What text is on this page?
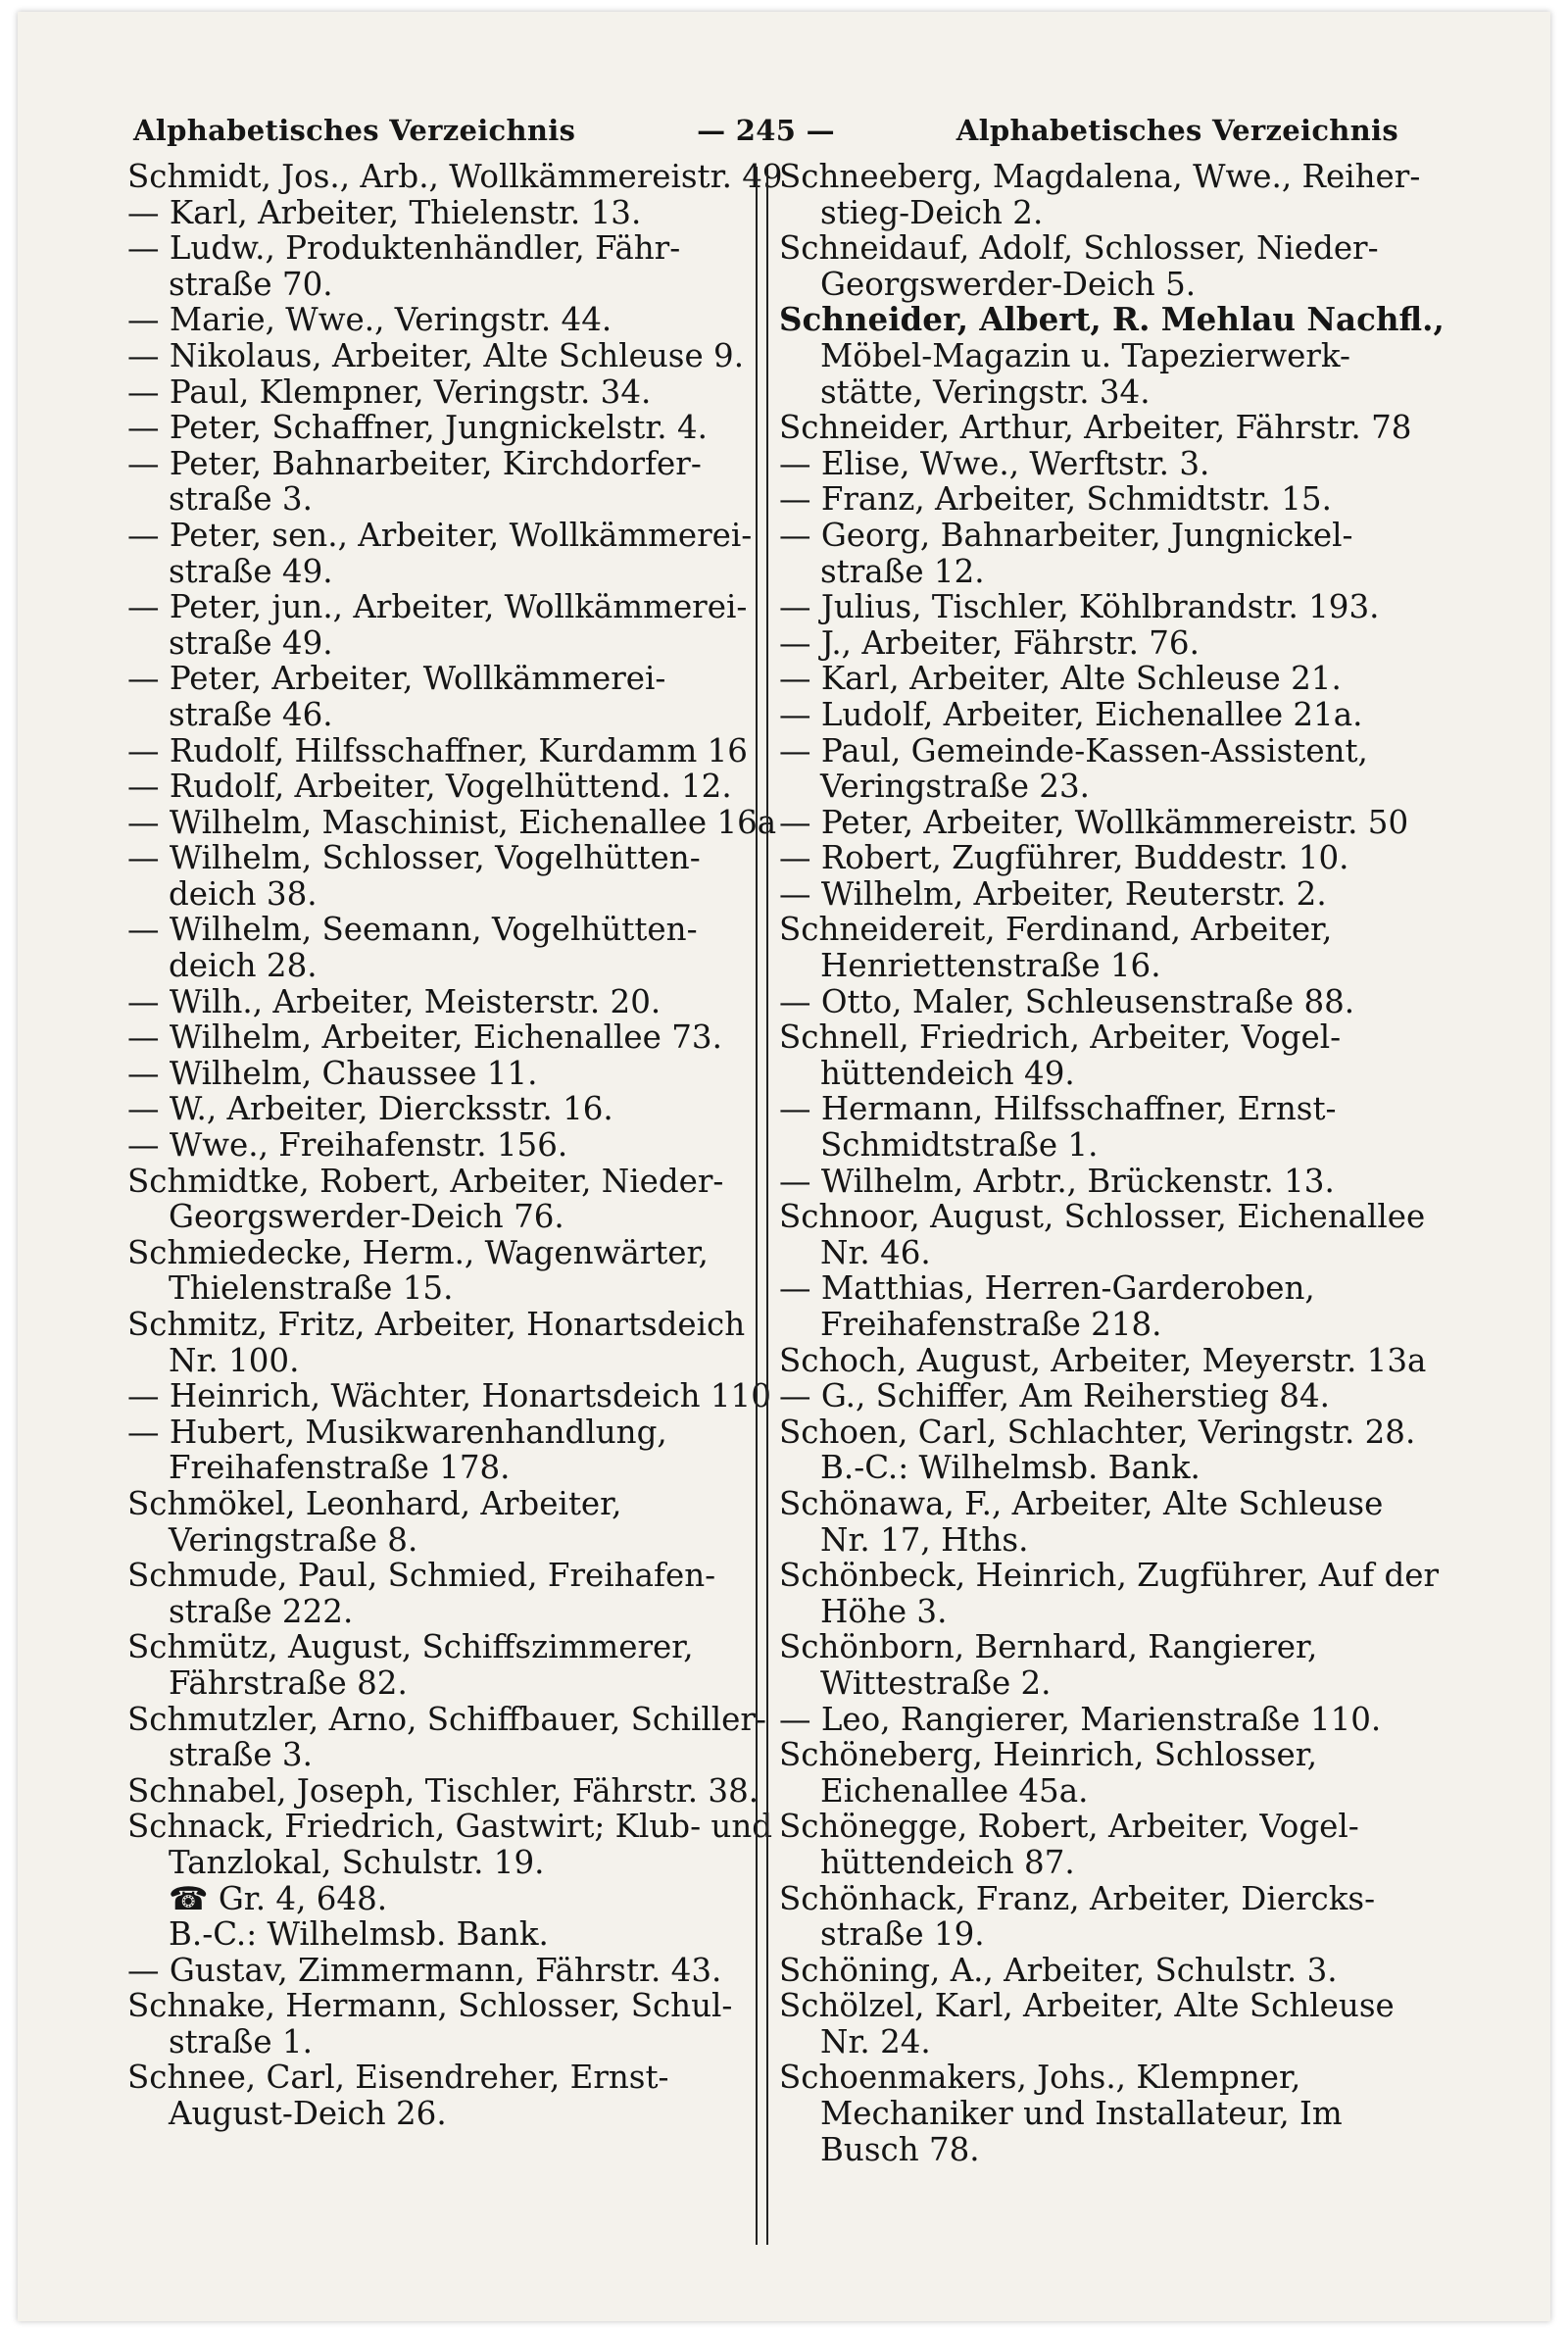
Alphabetisches Verzeichnis	— 245 —	Alphabetisches Verzeichnis
Schmidt, Jos., Arb., Wollkämmereistr. 49
— Karl, Arbeiter, Thielenstr. 13.
— Ludw., Produktenhändler, Fähr-
straße 70.
— Marie, Wwe., Veringstr. 44.
— Nikolaus, Arbeiter, Alte Schleuse 9.
— Paul, Klempner, Veringstr. 34.
— Peter, Schaffner, Jungnickelstr. 4.
— Peter, Bahnarbeiter, Kirchdorfer-
straße 3.
— Peter, sen., Arbeiter, Wollkämmerei-
straße 49.
— Peter, jun., Arbeiter, Wollkämmerei-
straße 49.
— Peter, Arbeiter, Wollkämmerei-
straße 46.
— Rudolf, Hilfsschaffner, Kurdamm 16
— Rudolf, Arbeiter, Vogelhüttend. 12.
— Wilhelm, Maschinist, Eichenallee 16a
— Wilhelm, Schlosser, Vogelhütten-
deich 38.
— Wilhelm, Seemann, Vogelhütten-
deich 28.
— Wilh., Arbeiter, Meisterstr. 20.
— Wilhelm, Arbeiter, Eichenallee 73.
— Wilhelm, Chaussee 11.
— W., Arbeiter, Diercksstr. 16.
— Wwe., Freihafenstr. 156.
Schmidtke, Robert, Arbeiter, Nieder-
Georgswerder-Deich 76.
Schmiedecke, Herm., Wagenwärter,
Thielenstraße 15.
Schmitz, Fritz, Arbeiter, Honartsdeich
Nr. 100.
— Heinrich, Wächter, Honartsdeich 110
— Hubert, Musikwarenhandlung,
Freihafenstraße 178.
Schmökel, Leonhard, Arbeiter,
Veringstraße 8.
Schmude, Paul, Schmied, Freihafen-
straße 222.
Schmütz, August, Schiffszimmerer,
Fährstraße 82.
Schmutzler, Arno, Schiffbauer, Schiller-
straße 3.
Schnabel, Joseph, Tischler, Fährstr. 38.
Schnack, Friedrich, Gastwirt; Klub- und
Tanzlokal, Schulstr. 19.
☎ Gr. 4, 648.
B.-C.: Wilhelmsb. Bank.
— Gustav, Zimmermann, Fährstr. 43.
Schnake, Hermann, Schlosser, Schul-
straße 1.
Schnee, Carl, Eisendreher, Ernst-
August-Deich 26.
Schneeberg, Magdalena, Wwe., Reiher-
stieg-Deich 2.
Schneidauf, Adolf, Schlosser, Nieder-
Georgswerder-Deich 5.
Schneider, Albert, R. Mehlau Nachfl.,
Möbel-Magazin u. Tapezierwerk-
stätte, Veringstr. 34.
Schneider, Arthur, Arbeiter, Fährstr. 78
— Elise, Wwe., Werftstr. 3.
— Franz, Arbeiter, Schmidtstr. 15.
— Georg, Bahnarbeiter, Jungnickel-
straße 12.
— Julius, Tischler, Köhlbrandstr. 193.
— J., Arbeiter, Fährstr. 76.
— Karl, Arbeiter, Alte Schleuse 21.
— Ludolf, Arbeiter, Eichenallee 21a.
— Paul, Gemeinde-Kassen-Assistent,
Veringstraße 23.
— Peter, Arbeiter, Wollkämmereistr. 50
— Robert, Zugführer, Buddestr. 10.
— Wilhelm, Arbeiter, Reuterstr. 2.
Schneidereit, Ferdinand, Arbeiter,
Henriettenstraße 16.
— Otto, Maler, Schleusenstraße 88.
Schnell, Friedrich, Arbeiter, Vogel-
hüttendeich 49.
— Hermann, Hilfsschaffner, Ernst-
Schmidtstraße 1.
— Wilhelm, Arbtr., Brückenstr. 13.
Schnoor, August, Schlosser, Eichenallee
Nr. 46.
— Matthias, Herren-Garderoben,
Freihafenstraße 218.
Schoch, August, Arbeiter, Meyerstr. 13a
— G., Schiffer, Am Reiherstieg 84.
Schoen, Carl, Schlachter, Veringstr. 28.
B.-C.: Wilhelmsb. Bank.
Schönawa, F., Arbeiter, Alte Schleuse
Nr. 17, Hths.
Schönbeck, Heinrich, Zugführer, Auf der
Höhe 3.
Schönborn, Bernhard, Rangierer,
Wittestraße 2.
— Leo, Rangierer, Marienstraße 110.
Schöneberg, Heinrich, Schlosser,
Eichenallee 45a.
Schönegge, Robert, Arbeiter, Vogel-
hüttendeich 87.
Schönhack, Franz, Arbeiter, Diercks-
straße 19.
Schöning, A., Arbeiter, Schulstr. 3.
Schölzel, Karl, Arbeiter, Alte Schleuse
Nr. 24.
Schoenmakers, Johs., Klempner,
Mechaniker und Installateur, Im
Busch 78.
